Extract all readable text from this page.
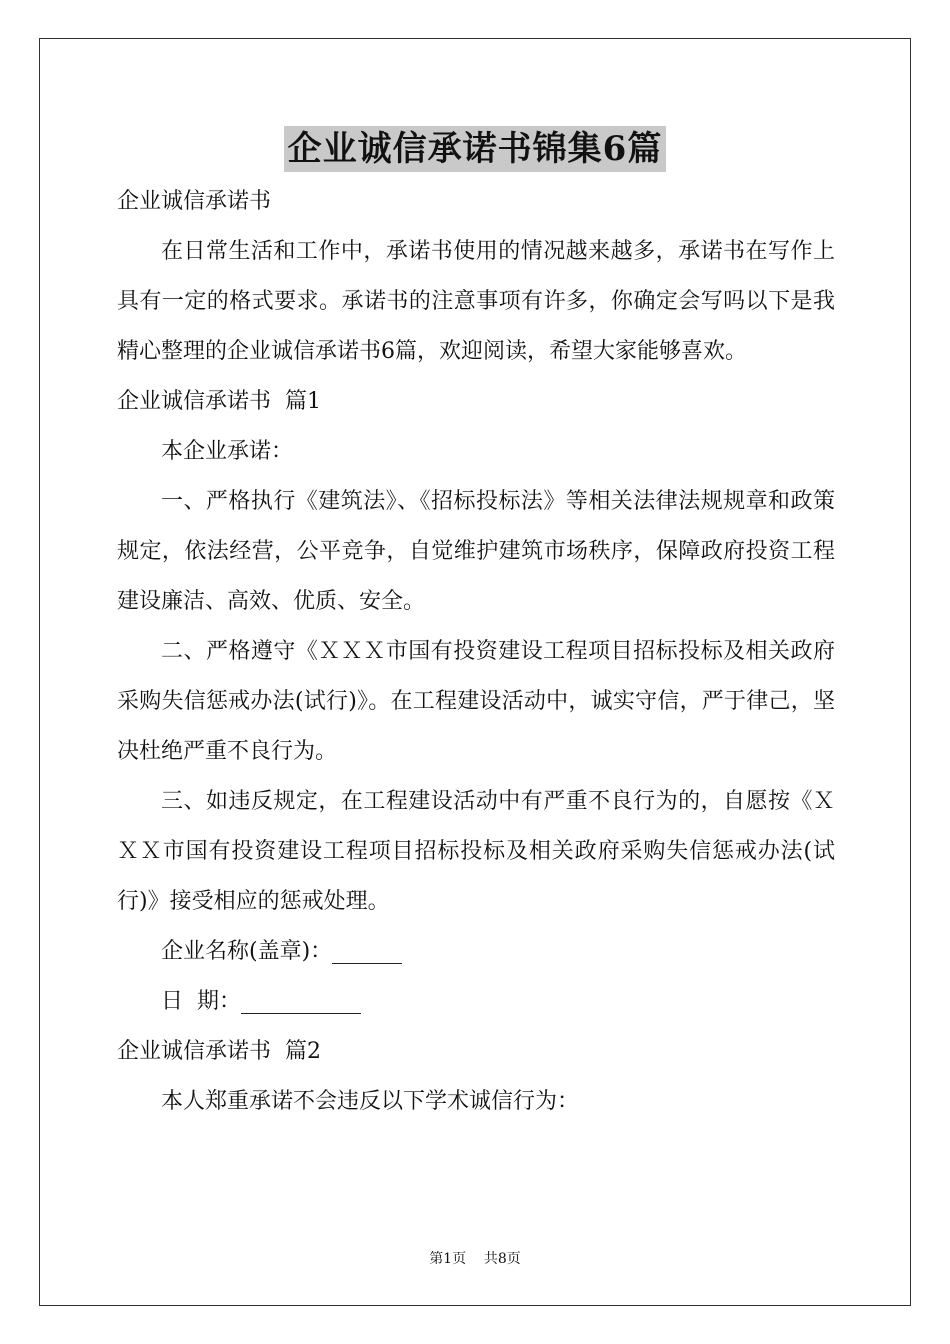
企业诚信承诺书锦集6篇
企业诚信承诺书
在日常生活和工作中，承诺书使用的情况越来越多，承诺书在写作上具有一定的格式要求。承诺书的注意事项有许多，你确定会写吗以下是我精心整理的企业诚信承诺书6篇，欢迎阅读，希望大家能够喜欢。
企业诚信承诺书  篇1
本企业承诺：
一、严格执行《建筑法》、《招标投标法》等相关法律法规规章和政策规定，依法经营，公平竞争，自觉维护建筑市场秩序，保障政府投资工程建设廉洁、高效、优质、安全。
二、严格遵守《ＸＸＸ市国有投资建设工程项目招标投标及相关政府采购失信惩戒办法(试行)》。在工程建设活动中，诚实守信，严于律己，坚决杜绝严重不良行为。
三、如违反规定，在工程建设活动中有严重不良行为的，自愿按《ＸＸＸ市国有投资建设工程项目招标投标及相关政府采购失信惩戒办法(试行)》接受相应的惩戒处理。
企业名称(盖章)：
日  期：
企业诚信承诺书  篇2
本人郑重承诺不会违反以下学术诚信行为：
第1页    共8页
